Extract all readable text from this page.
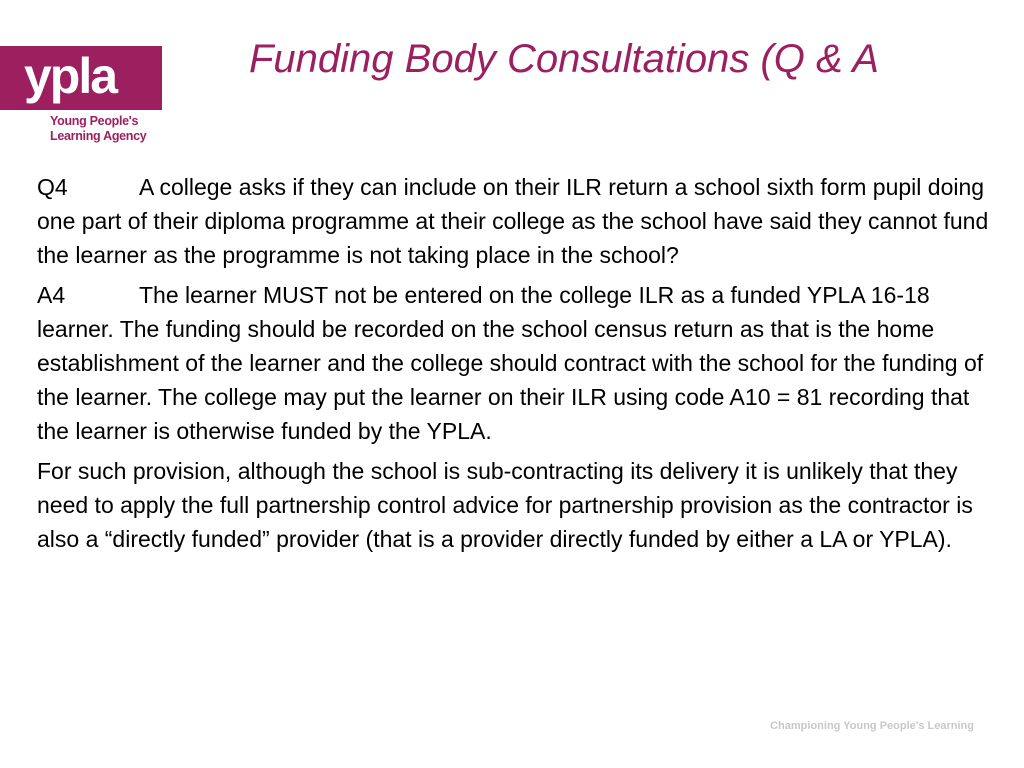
ypla
Young People's
Learning Agency
Funding Body Consultations (Q & A

Q4	A college asks if they can include on their ILR return a school sixth form pupil doing one part of their diploma programme at their college as the school have said they cannot fund the learner as the programme is not taking place in the school?

A4	The learner MUST not be entered on the college ILR as a funded YPLA 16-18 learner. The funding should be recorded on the school census return as that is the home establishment of the learner and the college should contract with the school for the funding of the learner. The college may put the learner on their ILR using code A10 = 81 recording that the learner is otherwise funded by the YPLA.

For such provision, although the school is sub-contracting its delivery it is unlikely that they need to apply the full partnership control advice for partnership provision as the contractor is also a “directly funded” provider (that is a provider directly funded by either a LA or YPLA).

Championing Young People's Learning
